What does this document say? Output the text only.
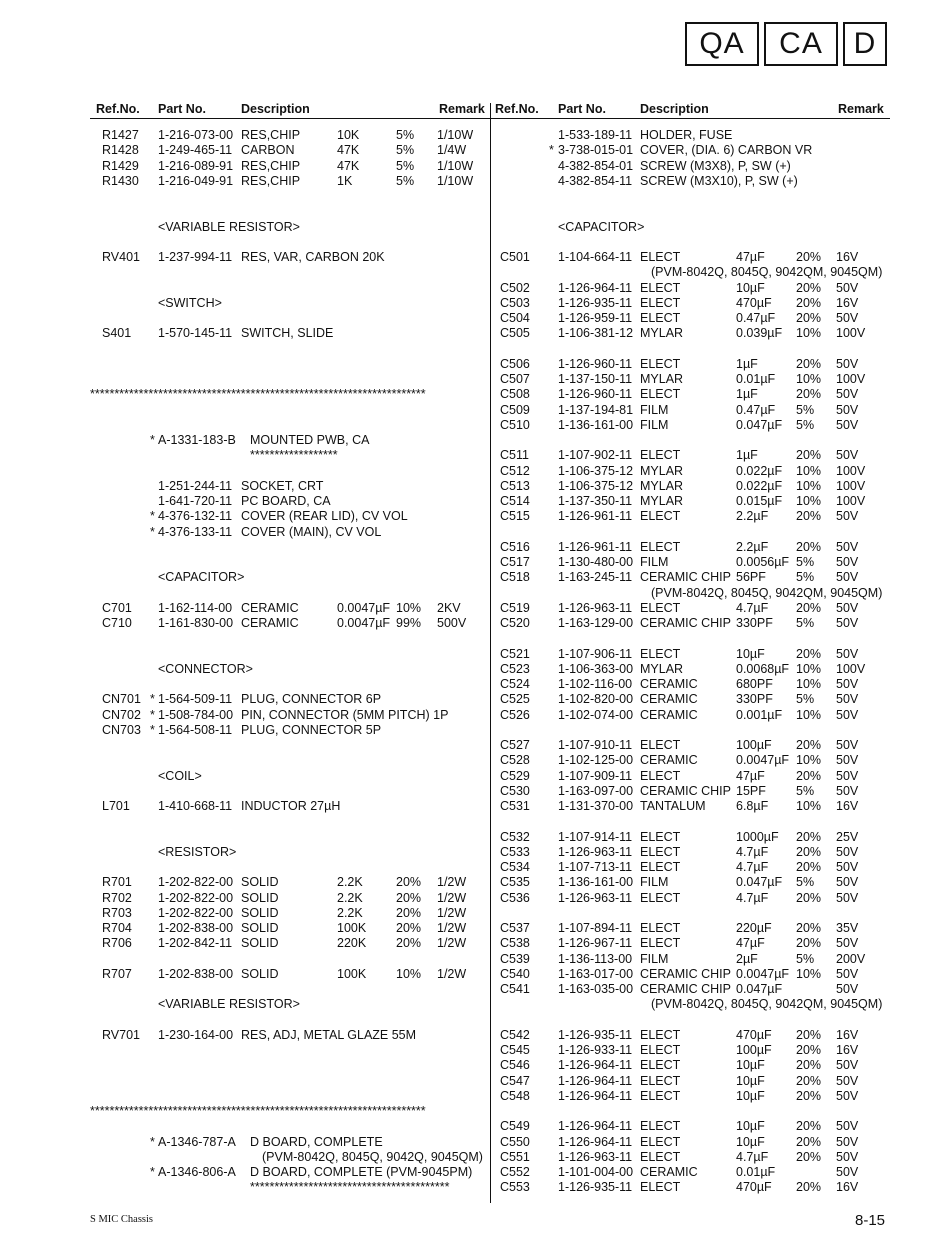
QA	CA	D
Ref.No. Part No.	Description	Remark Ref.No. Part No.	Description	Remark
R1427 1-216-073-00 RES,CHIP	10K	5% 1/10W
R1428 1-249-465-11 CARBON	47K	5% 1/4W
R1429 1-216-089-91 RES,CHIP	47K	5% 1/10W
R1430 1-216-049-91 RES,CHIP	1K	5% 1/10W
<VARIABLE RESISTOR>
RV401 1-237-994-11 RES, VAR, CARBON 20K
<SWITCH>
S401 1-570-145-11 SWITCH, SLIDE
*********************************************************************
* A-1331-183-B MOUNTED PWB, CA
******************
1-251-244-11 SOCKET, CRT
1-641-720-11 PC BOARD, CA
* 4-376-132-11 COVER (REAR LID), CV VOL
* 4-376-133-11 COVER (MAIN), CV VOL
<CAPACITOR>
C701 1-162-114-00 CERAMIC	0.0047µF 10% 2KV
C710 1-161-830-00 CERAMIC	0.0047µF 99% 500V
<CONNECTOR>
CN701 * 1-564-509-11 PLUG, CONNECTOR 6P
CN702 * 1-508-784-00 PIN, CONNECTOR (5MM PITCH) 1P
CN703 * 1-564-508-11 PLUG, CONNECTOR 5P
<COIL>
L701 1-410-668-11 INDUCTOR 27µH
<RESISTOR>
R701 1-202-822-00 SOLID	2.2K	20% 1/2W
R702 1-202-822-00 SOLID	2.2K	20% 1/2W
R703 1-202-822-00 SOLID	2.2K	20% 1/2W
R704 1-202-838-00 SOLID	100K 20% 1/2W
R706 1-202-842-11 SOLID	220K 20% 1/2W
R707 1-202-838-00 SOLID	100K 10% 1/2W
<VARIABLE RESISTOR>
RV701 1-230-164-00 RES, ADJ, METAL GLAZE 55M
*********************************************************************
* A-1346-787-A D BOARD, COMPLETE
(PVM-8042Q, 8045Q, 9042Q, 9045QM)
* A-1346-806-A D BOARD, COMPLETE (PVM-9045PM)
*****************************************
1-533-189-11 HOLDER, FUSE
* 3-738-015-01 COVER, (DIA. 6) CARBON VR
4-382-854-01 SCREW (M3X8), P, SW (+)
4-382-854-11 SCREW (M3X10), P, SW (+)
<CAPACITOR>
C501 1-104-664-11 ELECT	47µF	20% 16V
(PVM-8042Q, 8045Q, 9042QM, 9045QM)
C502 1-126-964-11 ELECT	10µF	20% 50V
C503 1-126-935-11 ELECT	470µF 20% 16V
C504 1-126-959-11 ELECT	0.47µF 20% 50V
C505 1-106-381-12 MYLAR	0.039µF 10% 100V
C506 1-126-960-11 ELECT	1µF	20% 50V
C507 1-137-150-11 MYLAR	0.01µF 10% 100V
C508 1-126-960-11 ELECT	1µF	20% 50V
C509 1-137-194-81 FILM	0.47µF 5% 50V
C510 1-136-161-00 FILM	0.047µF 5% 50V
C511 1-107-902-11 ELECT	1µF	20% 50V
C512 1-106-375-12 MYLAR	0.022µF 10% 100V
C513 1-106-375-12 MYLAR	0.022µF 10% 100V
C514 1-137-350-11 MYLAR	0.015µF 10% 100V
C515 1-126-961-11 ELECT	2.2µF 20% 50V
C516 1-126-961-11 ELECT	2.2µF 20% 50V
C517 1-130-480-00 FILM	0.0056µF 5% 50V
C518 1-163-245-11 CERAMIC CHIP 56PF 5% 50V
(PVM-8042Q, 8045Q, 9042QM, 9045QM)
C519 1-126-963-11 ELECT	4.7µF 20% 50V
C520 1-163-129-00 CERAMIC CHIP 330PF 5% 50V
C521 1-107-906-11 ELECT	10µF	20% 50V
C523 1-106-363-00 MYLAR	0.0068µF 10% 100V
C524 1-102-116-00 CERAMIC	680PF 10% 50V
C525 1-102-820-00 CERAMIC	330PF 5% 50V
C526 1-102-074-00 CERAMIC	0.001µF 10% 50V
C527 1-107-910-11 ELECT	100µF 20% 50V
C528 1-102-125-00 CERAMIC	0.0047µF 10% 50V
C529 1-107-909-11 ELECT	47µF	20% 50V
C530 1-163-097-00 CERAMIC CHIP 15PF 5% 50V
C531 1-131-370-00 TANTALUM 6.8µF 10% 16V
C532 1-107-914-11 ELECT	1000µF 20% 25V
C533 1-126-963-11 ELECT	4.7µF 20% 50V
C534 1-107-713-11 ELECT	4.7µF 20% 50V
C535 1-136-161-00 FILM	0.047µF 5% 50V
C536 1-126-963-11 ELECT	4.7µF 20% 50V
C537 1-107-894-11 ELECT	220µF 20% 35V
C538 1-126-967-11 ELECT	47µF	20% 50V
C539 1-136-113-00 FILM	2µF	5% 200V
C540 1-163-017-00 CERAMIC CHIP 0.0047µF 10% 50V
C541 1-163-035-00 CERAMIC CHIP 0.047µF	50V
(PVM-8042Q, 8045Q, 9042QM, 9045QM)
C542 1-126-935-11 ELECT	470µF 20% 16V
C545 1-126-933-11 ELECT	100µF 20% 16V
C546 1-126-964-11 ELECT	10µF	20% 50V
C547 1-126-964-11 ELECT	10µF	20% 50V
C548 1-126-964-11 ELECT	10µF	20% 50V
C549 1-126-964-11 ELECT	10µF	20% 50V
C550 1-126-964-11 ELECT	10µF	20% 50V
C551 1-126-963-11 ELECT	4.7µF 20% 50V
C552 1-101-004-00 CERAMIC	0.01µF	50V
C553 1-126-935-11 ELECT	470µF 20% 16V
S MIC Chassis	8-15
